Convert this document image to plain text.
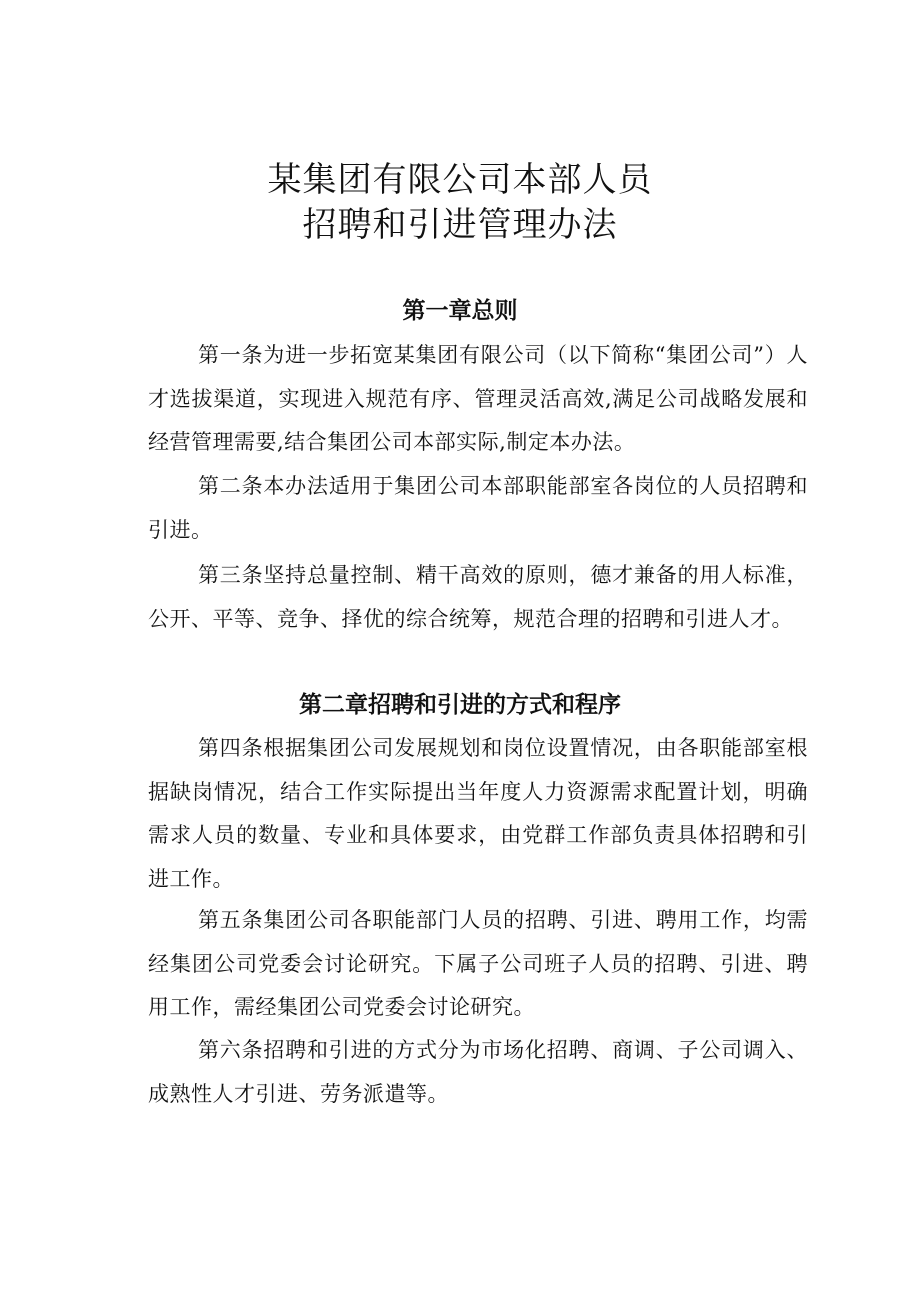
某集团有限公司本部人员
招聘和引进管理办法
第一章总则

第一条为进一步拓宽某集团有限公司（以下简称“集团公司”）人才选拔渠道，实现进入规范有序、管理灵活高效,满足公司战略发展和经营管理需要,结合集团公司本部实际,制定本办法。

第二条本办法适用于集团公司本部职能部室各岗位的人员招聘和引进。

第三条坚持总量控制、精干高效的原则，德才兼备的用人标准，公开、平等、竞争、择优的综合统筹，规范合理的招聘和引进人才。

第二章招聘和引进的方式和程序

第四条根据集团公司发展规划和岗位设置情况，由各职能部室根据缺岗情况，结合工作实际提出当年度人力资源需求配置计划，明确需求人员的数量、专业和具体要求，由党群工作部负责具体招聘和引进工作。

第五条集团公司各职能部门人员的招聘、引进、聘用工作，均需经集团公司党委会讨论研究。下属子公司班子人员的招聘、引进、聘用工作，需经集团公司党委会讨论研究。

第六条招聘和引进的方式分为市场化招聘、商调、子公司调入、成熟性人才引进、劳务派遣等。
